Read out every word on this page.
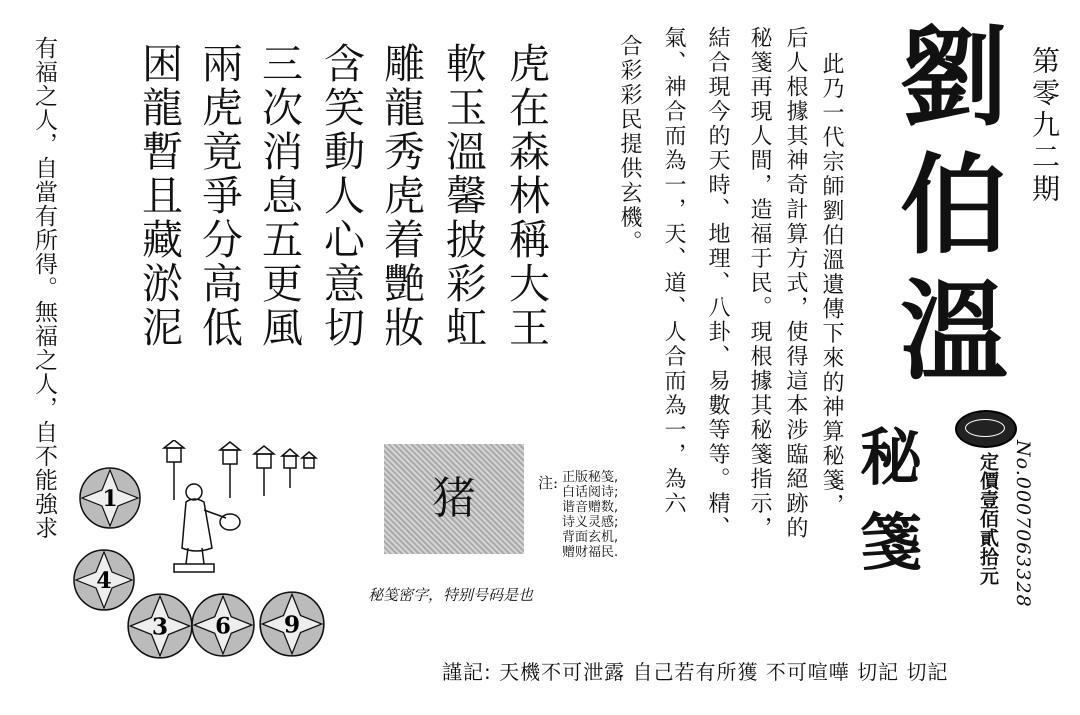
第零九二期
劉
伯
溫
秘
箋	定價壹佰貳拾元 No.0007063328
此乃一代宗師劉伯溫遺傳下來的神算秘箋，
后人根據其神奇計算方式，使得這本涉臨絕跡的
秘箋再現人間，造福于民。現根據其秘箋指示，
結合現今的天時、地理、八卦、易數等等。精、
氣、神合而為一，天、道、人合而為一，為六
合彩彩民提供玄機。
虎在森林稱大王
軟玉溫馨披彩虹
雕龍秀虎着艷妝
含笑動人心意切
三次消息五更風
兩虎竟爭分高低
困龍暫且藏淤泥
有福之人，自當有所得。無福之人，自不能強求 1
4
3 6 9
猪	注: 正版秘笺,
白话阅诗;
谐音赠数,
诗义灵感;
背面玄机,
赠财福民.
秘笺密字，特别号码是也
謹記: 天機不可泄露 自己若有所獲 不可喧嘩 切記 切記
